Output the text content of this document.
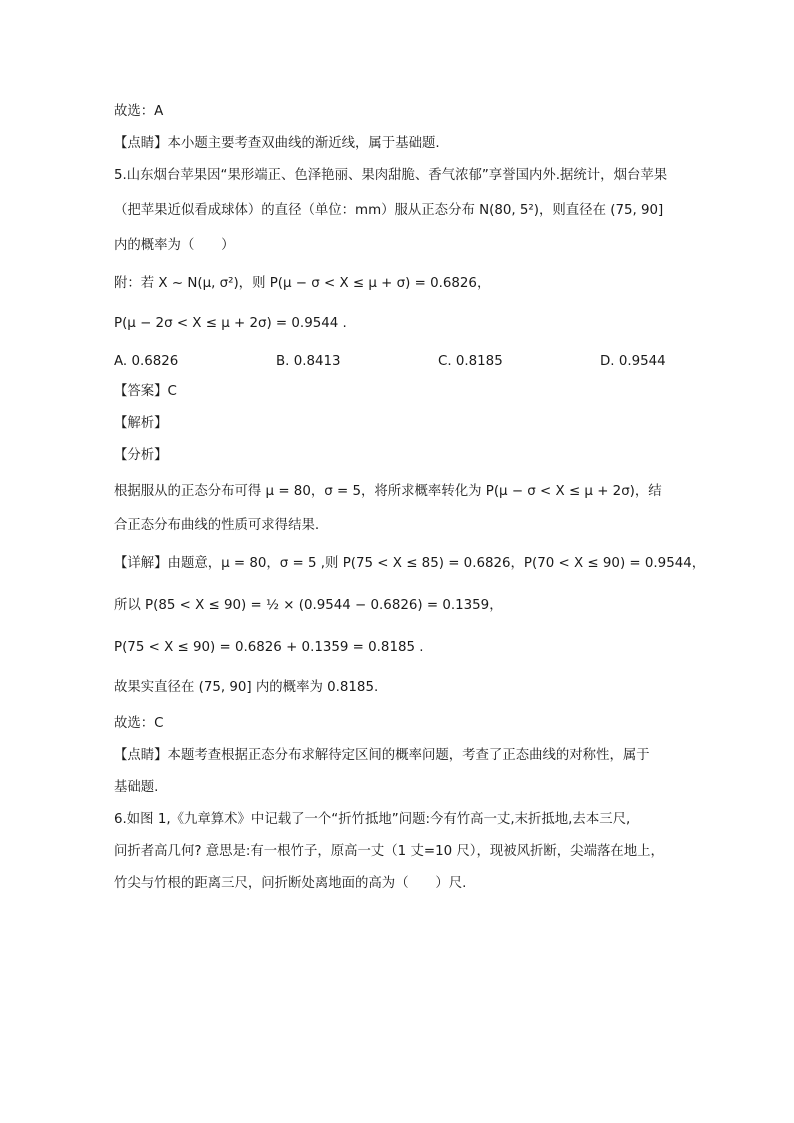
故选：A
【点睛】本小题主要考查双曲线的渐近线，属于基础题.
5.山东烟台苹果因“果形端正、色泽艳丽、果肉甜脆、香气浓郁”享誉国内外.据统计，烟台苹果
（把苹果近似看成球体）的直径（单位：mm）服从正态分布 N(80, 5²)，则直径在 (75, 90]
内的概率为（　　）
附：若 X ~ N(μ, σ²)，则 P(μ − σ < X ≤ μ + σ) = 0.6826，
P(μ − 2σ < X ≤ μ + 2σ) = 0.9544 .
【答案】C
【解析】
【分析】
根据服从的正态分布可得 μ = 80，σ = 5，将所求概率转化为 P(μ − σ < X ≤ μ + 2σ)，结
合正态分布曲线的性质可求得结果.
【详解】由题意，μ = 80，σ = 5 ,则 P(75 < X ≤ 85) = 0.6826，P(70 < X ≤ 90) = 0.9544，
所以 P(85 < X ≤ 90) = ½ × (0.9544 − 0.6826) = 0.1359，
P(75 < X ≤ 90) = 0.6826 + 0.1359 = 0.8185 .
故果实直径在 (75, 90] 内的概率为 0.8185.
故选：C
【点睛】本题考查根据正态分布求解待定区间的概率问题，考查了正态曲线的对称性，属于
基础题.
6.如图 1,《九章算术》中记载了一个“折竹抵地”问题:今有竹高一丈,末折抵地,去本三尺,
问折者高几何? 意思是:有一根竹子，原高一丈（1 丈=10 尺），现被风折断，尖端落在地上，
竹尖与竹根的距离三尺，问折断处离地面的高为（　　）尺.
A. 0.6826	B. 0.8413	C. 0.8185	D. 0.9544
